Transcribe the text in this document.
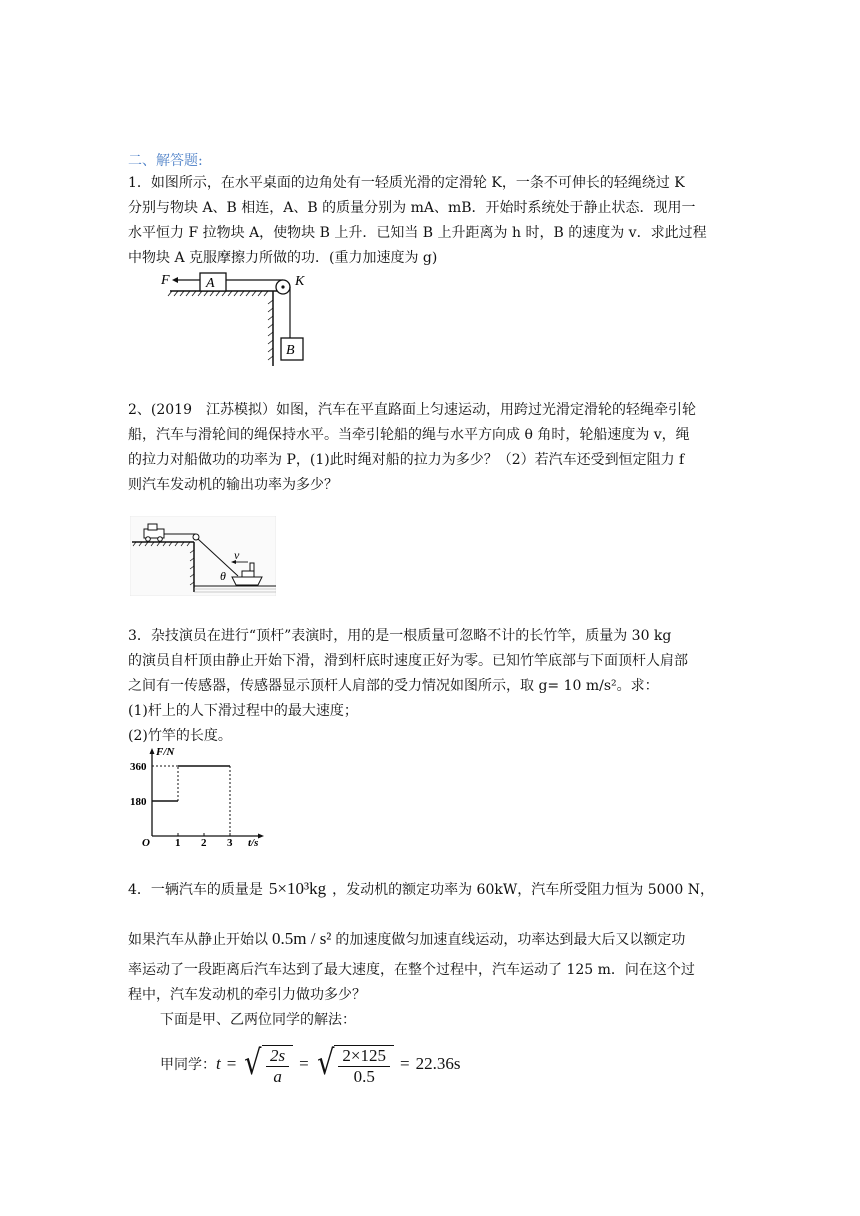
二、解答题:

1．如图所示，在水平桌面的边角处有一轻质光滑的定滑轮 K，一条不可伸长的轻绳绕过 K

分别与物块 A、B 相连，A、B 的质量分别为 mA、mB．开始时系统处于静止状态．现用一

水平恒力 F 拉物块 A，使物块 B 上升．已知当 B 上升距离为 h 时，B 的速度为 v．求此过程

中物块 A 克服摩擦力所做的功．(重力加速度为 g)

A
F	K
B

2、(2019　江苏模拟）如图，汽车在平直路面上匀速运动，用跨过光滑定滑轮的轻绳牵引轮

船，汽车与滑轮间的绳保持水平。当牵引轮船的绳与水平方向成 θ 角时，轮船速度为 v，绳

的拉力对船做功的功率为 P，(1)此时绳对船的拉力为多少？（2）若汽车还受到恒定阻力 f

则汽车发动机的输出功率为多少？

v
θ

3．杂技演员在进行“顶杆”表演时，用的是一根质量可忽略不计的长竹竿，质量为 30 kg

的演员自杆顶由静止开始下滑，滑到杆底时速度正好为零。已知竹竿底部与下面顶杆人肩部

之间有一传感器，传感器显示顶杆人肩部的受力情况如图所示，取 g= 10 m/s²。求：

(1)杆上的人下滑过程中的最大速度；

(2)竹竿的长度。

F/N
t/s
O
180
360
1 2 3
4．一辆汽车的质量是 5×10³kg ，发动机的额定功率为 60kW，汽车所受阻力恒为 5000 N，
如果汽车从静止开始以 0.5m / s² 的加速度做匀加速直线运动，功率达到最大后又以额定功

率运动了一段距离后汽车达到了最大速度，在整个过程中，汽车运动了 125 m．问在这个过

程中，汽车发动机的牵引力做功多少？

下面是甲、乙两位同学的解法：

甲同学： t = √ $\frac{2s}{a}$ = √ $\frac{2\times 125}{0.5} = 22.36s$
